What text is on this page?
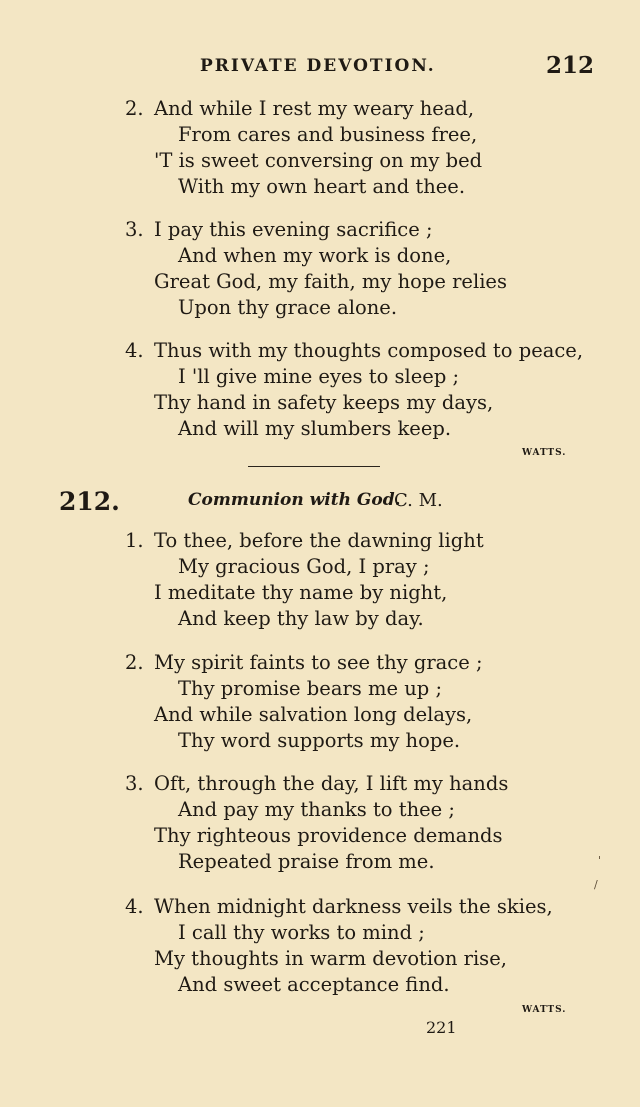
PRIVATE DEVOTION.	212
2. And while I rest my weary head,
From cares and business free,
'T is sweet conversing on my bed
With my own heart and thee.
3. I pay this evening sacrifice ;
And when my work is done,
Great God, my faith, my hope relies
Upon thy grace alone.
4. Thus with my thoughts composed to peace,
I 'll give mine eyes to sleep ;
Thy hand in safety keeps my days,
And will my slumbers keep.
WATTS.
212.	Communion with God.
C. M.
1. To thee, before the dawning light
My gracious God, I pray ;
I meditate thy name by night,
And keep thy law by day.
2. My spirit faints to see thy grace ;
Thy promise bears me up ;
And while salvation long delays,
Thy word supports my hope.
3. Oft, through the day, I lift my hands
And pay my thanks to thee ;
Thy righteous providence demands
Repeated praise from me.
4. When midnight darkness veils the skies,
I call thy works to mind ;
My thoughts in warm devotion rise,
And sweet acceptance find.
WATTS.
221
'
/
